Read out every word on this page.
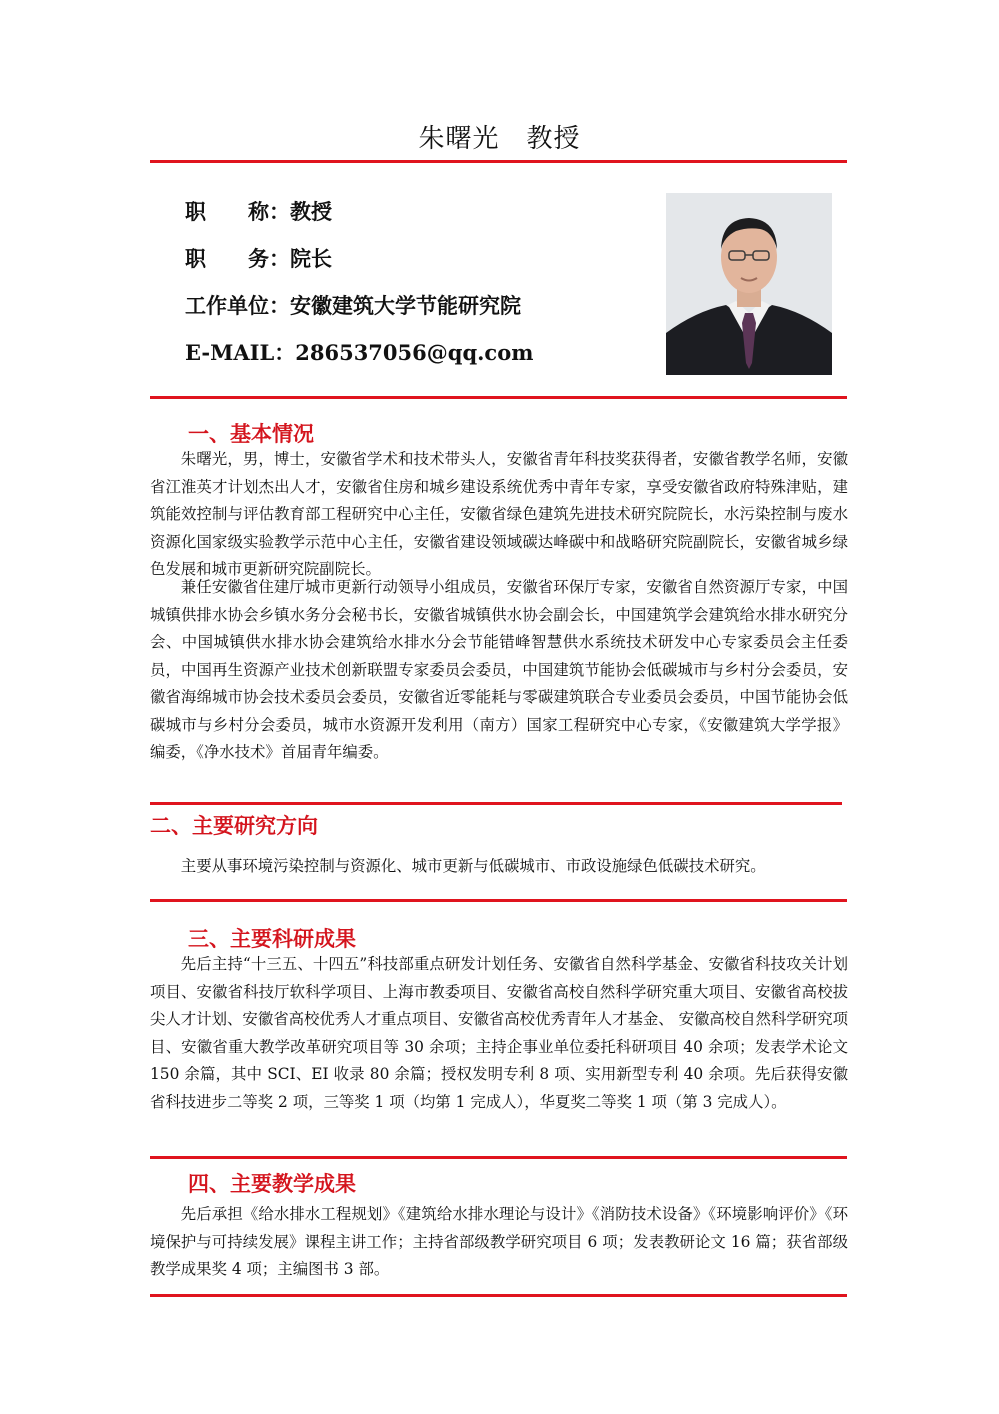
朱曙光　教授
职　　称：教授
职　　务：院长
工作单位：安徽建筑大学节能研究院
E-MAIL：286537056@qq.com
一、基本情况
朱曙光，男，博士，安徽省学术和技术带头人，安徽省青年科技奖获得者，安徽省教学名师，安徽省江淮英才计划杰出人才，安徽省住房和城乡建设系统优秀中青年专家，享受安徽省政府特殊津贴，建筑能效控制与评估教育部工程研究中心主任，安徽省绿色建筑先进技术研究院院长，水污染控制与废水资源化国家级实验教学示范中心主任，安徽省建设领域碳达峰碳中和战略研究院副院长，安徽省城乡绿色发展和城市更新研究院副院长。
兼任安徽省住建厅城市更新行动领导小组成员，安徽省环保厅专家，安徽省自然资源厅专家，中国城镇供排水协会乡镇水务分会秘书长，安徽省城镇供水协会副会长，中国建筑学会建筑给水排水研究分会、中国城镇供水排水协会建筑给水排水分会节能错峰智慧供水系统技术研发中心专家委员会主任委员，中国再生资源产业技术创新联盟专家委员会委员，中国建筑节能协会低碳城市与乡村分会委员，安徽省海绵城市协会技术委员会委员，安徽省近零能耗与零碳建筑联合专业委员会委员，中国节能协会低碳城市与乡村分会委员，城市水资源开发利用（南方）国家工程研究中心专家，《安徽建筑大学学报》编委，《净水技术》首届青年编委。
二、主要研究方向
主要从事环境污染控制与资源化、城市更新与低碳城市、市政设施绿色低碳技术研究。
三、主要科研成果
先后主持“十三五、十四五”科技部重点研发计划任务、安徽省自然科学基金、安徽省科技攻关计划项目、安徽省科技厅软科学项目、上海市教委项目、安徽省高校自然科学研究重大项目、安徽省高校拔尖人才计划、安徽省高校优秀人才重点项目、安徽省高校优秀青年人才基金、 安徽高校自然科学研究项目、安徽省重大教学改革研究项目等 30 余项；主持企事业单位委托科研项目 40 余项；发表学术论文 150 余篇，其中 SCI、EI 收录 80 余篇；授权发明专利 8 项、实用新型专利 40 余项。先后获得安徽省科技进步二等奖 2 项，三等奖 1 项（均第 1 完成人），华夏奖二等奖 1 项（第 3 完成人）。
四、主要教学成果
先后承担《给水排水工程规划》《建筑给水排水理论与设计》《消防技术设备》《环境影响评价》《环境保护与可持续发展》课程主讲工作；主持省部级教学研究项目 6 项；发表教研论文 16 篇；获省部级教学成果奖 4 项；主编图书 3 部。
